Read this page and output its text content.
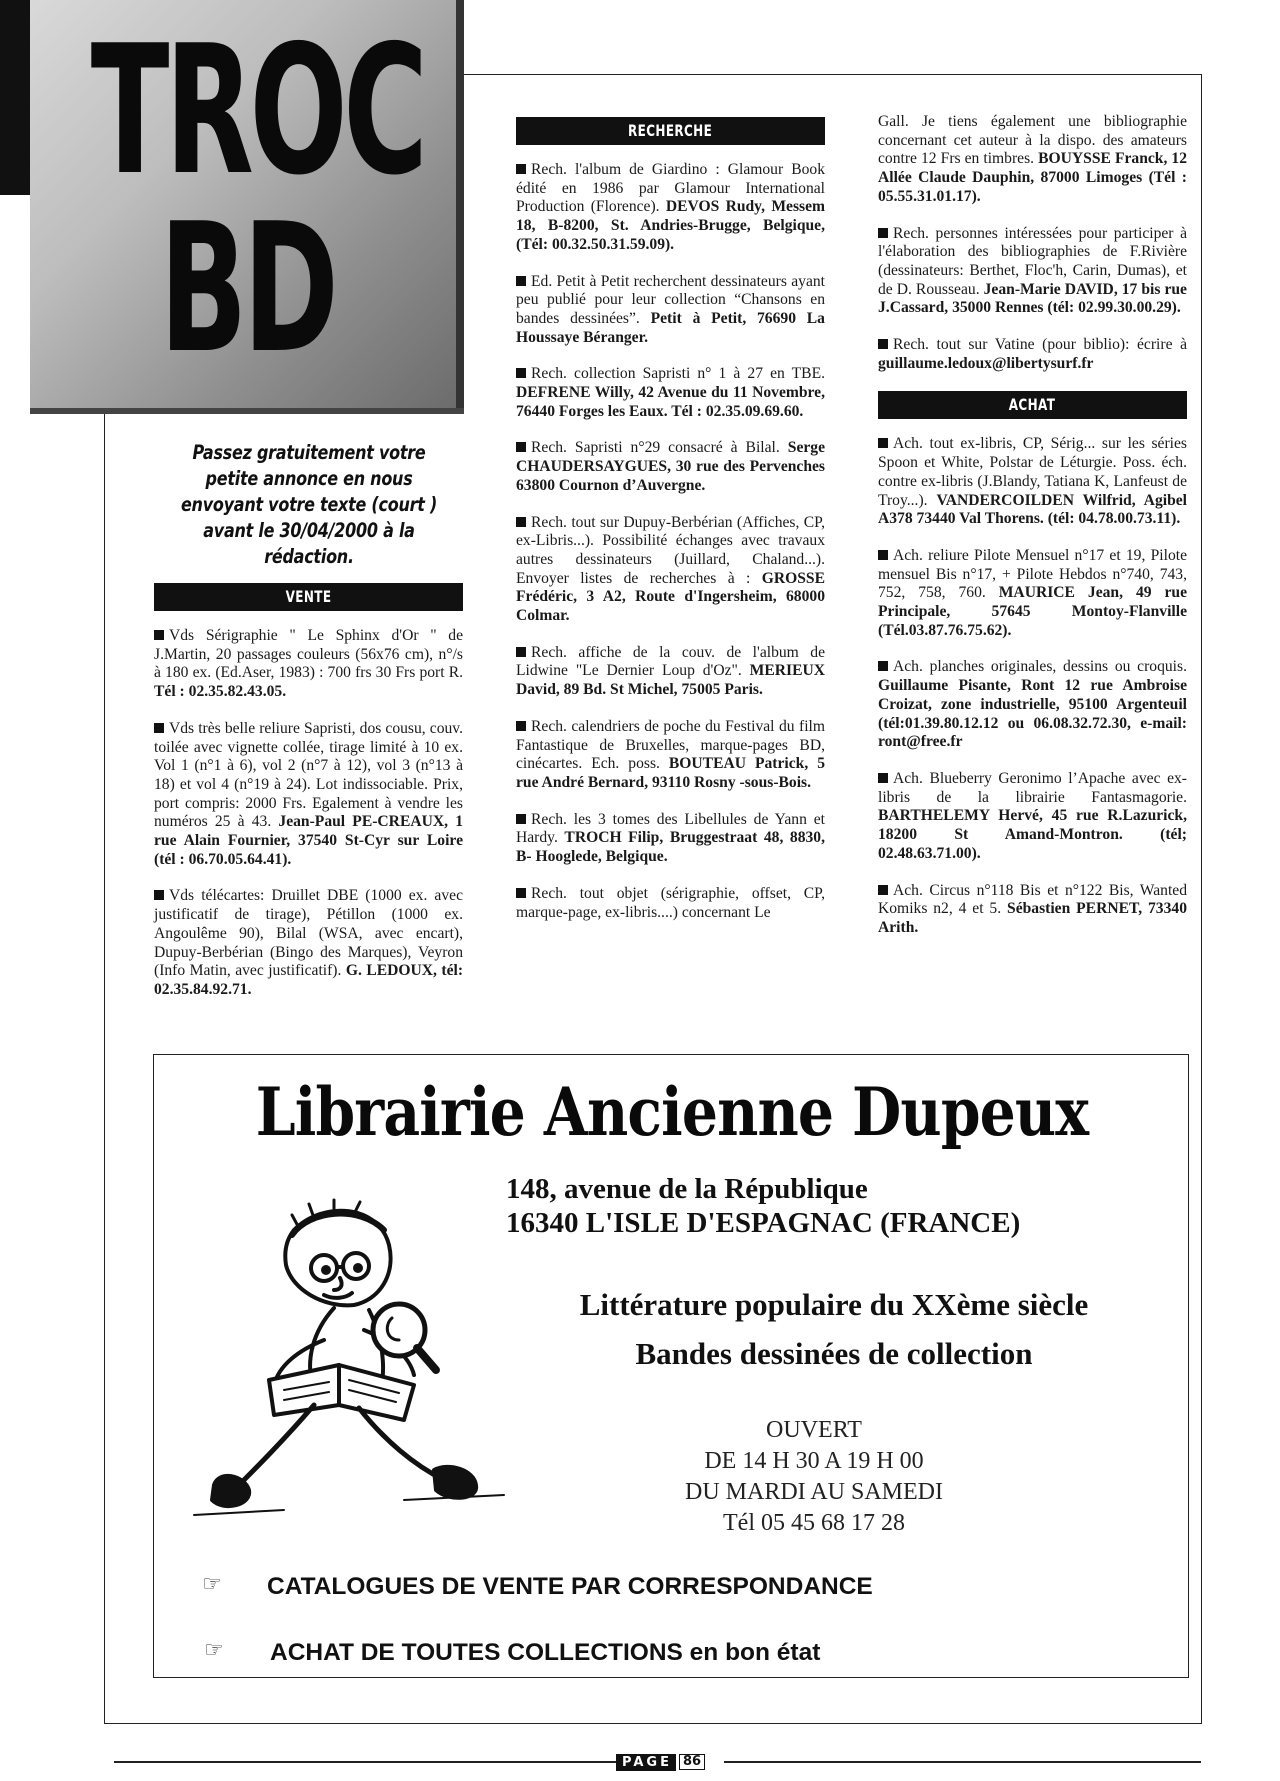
TROC
BD
Passez gratuitement votre petite annonce en nous envoyant votre texte (court ) avant le 30/04/2000 à la rédaction.
VENTE

Vds Sérigraphie " Le Sphinx d'Or " de J.Martin, 20 passages couleurs (56x76 cm), n°/s à 180 ex. (Ed.Aser, 1983) : 700 frs 30 Frs port R. Tél : 02.35.82.43.05.

Vds très belle reliure Sapristi, dos cousu, couv. toilée avec vignette collée, tirage limité à 10 ex. Vol 1 (n°1 à 6), vol 2 (n°7 à 12), vol 3 (n°13 à 18) et vol 4 (n°19 à 24). Lot indissociable. Prix, port compris: 2000 Frs. Egalement à vendre les numéros 25 à 43. Jean-Paul PE-CREAUX, 1 rue Alain Fournier, 37540 St-Cyr sur Loire (tél : 06.70.05.64.41).

Vds télécartes: Druillet DBE (1000 ex. avec justificatif de tirage), Pétillon (1000 ex. Angoulême 90), Bilal (WSA, avec encart), Dupuy-Berbérian (Bingo des Marques), Veyron (Info Matin, avec justificatif). G. LEDOUX, tél: 02.35.84.92.71.

RECHERCHE

Rech. l'album de Giardino : Glamour Book édité en 1986 par Glamour International Production (Florence). DEVOS Rudy, Messem 18, B-8200, St. Andries-Brugge, Belgique, (Tél: 00.32.50.31.59.09).

Ed. Petit à Petit recherchent dessinateurs ayant peu publié pour leur collection “Chansons en bandes dessinées”. Petit à Petit, 76690 La Houssaye Béranger.

Rech. collection Sapristi n° 1 à 27 en TBE. DEFRENE Willy, 42 Avenue du 11 Novembre, 76440 Forges les Eaux. Tél : 02.35.09.69.60.

Rech. Sapristi n°29 consacré à Bilal. Serge CHAUDERSAYGUES, 30 rue des Pervenches 63800 Cournon d’Auvergne.

Rech. tout sur Dupuy-Berbérian (Affiches, CP, ex-Libris...). Possibilité échanges avec travaux autres dessinateurs (Juillard, Chaland...). Envoyer listes de recherches à : GROSSE Frédéric, 3 A2, Route d'Ingersheim, 68000 Colmar.

Rech. affiche de la couv. de l'album de Lidwine "Le Dernier Loup d'Oz". MERIEUX David, 89 Bd. St Michel, 75005 Paris.

Rech. calendriers de poche du Festival du film Fantastique de Bruxelles, marque-pages BD, cinécartes. Ech. poss. BOUTEAU Patrick, 5 rue André Bernard, 93110 Rosny -sous-Bois.

Rech. les 3 tomes des Libellules de Yann et Hardy. TROCH Filip, Bruggestraat 48, 8830, B- Hooglede, Belgique.

Rech. tout objet (sérigraphie, offset, CP, marque-page, ex-libris....) concernant Le

Gall. Je tiens également une bibliographie concernant cet auteur à la dispo. des amateurs contre 12 Frs en timbres. BOUYSSE Franck, 12 Allée Claude Dauphin, 87000 Limoges (Tél : 05.55.31.01.17).

Rech. personnes intéressées pour participer à l'élaboration des bibliographies de F.Rivière (dessinateurs: Berthet, Floc'h, Carin, Dumas), et de D. Rousseau. Jean-Marie DAVID, 17 bis rue J.Cassard, 35000 Rennes (tél: 02.99.30.00.29).

Rech. tout sur Vatine (pour biblio): écrire à guillaume.ledoux@libertysurf.fr

ACHAT

Ach. tout ex-libris, CP, Sérig... sur les séries Spoon et White, Polstar de Léturgie. Poss. éch. contre ex-libris (J.Blandy, Tatiana K, Lanfeust de Troy...). VANDERCOILDEN Wilfrid, Agibel A378 73440 Val Thorens. (tél: 04.78.00.73.11).

Ach. reliure Pilote Mensuel n°17 et 19, Pilote mensuel Bis n°17, + Pilote Hebdos n°740, 743, 752, 758, 760. MAURICE Jean, 49 rue Principale, 57645 Montoy-Flanville (Tél.03.87.76.75.62).

Ach. planches originales, dessins ou croquis. Guillaume Pisante, Ront 12 rue Ambroise Croizat, zone industrielle, 95100 Argenteuil (tél:01.39.80.12.12 ou 06.08.32.72.30, e-mail: ront@free.fr

Ach. Blueberry Geronimo l’Apache avec ex-libris de la librairie Fantasmagorie. BARTHELEMY Hervé, 45 rue R.Lazurick, 18200 St Amand-Montron. (tél; 02.48.63.71.00).

Ach. Circus n°118 Bis et n°122 Bis, Wanted Komiks n2, 4 et 5. Sébastien PERNET, 73340 Arith.

Librairie Ancienne Dupeux
148, avenue de la République
16340 L'ISLE D'ESPAGNAC (FRANCE)
Littérature populaire du XXème siècle
Bandes dessinées de collection
OUVERT
DE 14 H 30 A 19 H 00
DU MARDI AU SAMEDI
Tél 05 45 68 17 28
☞ CATALOGUES DE VENTE PAR CORRESPONDANCE
☞ ACHAT DE TOUTES COLLECTIONS en bon état
PAGE 86
